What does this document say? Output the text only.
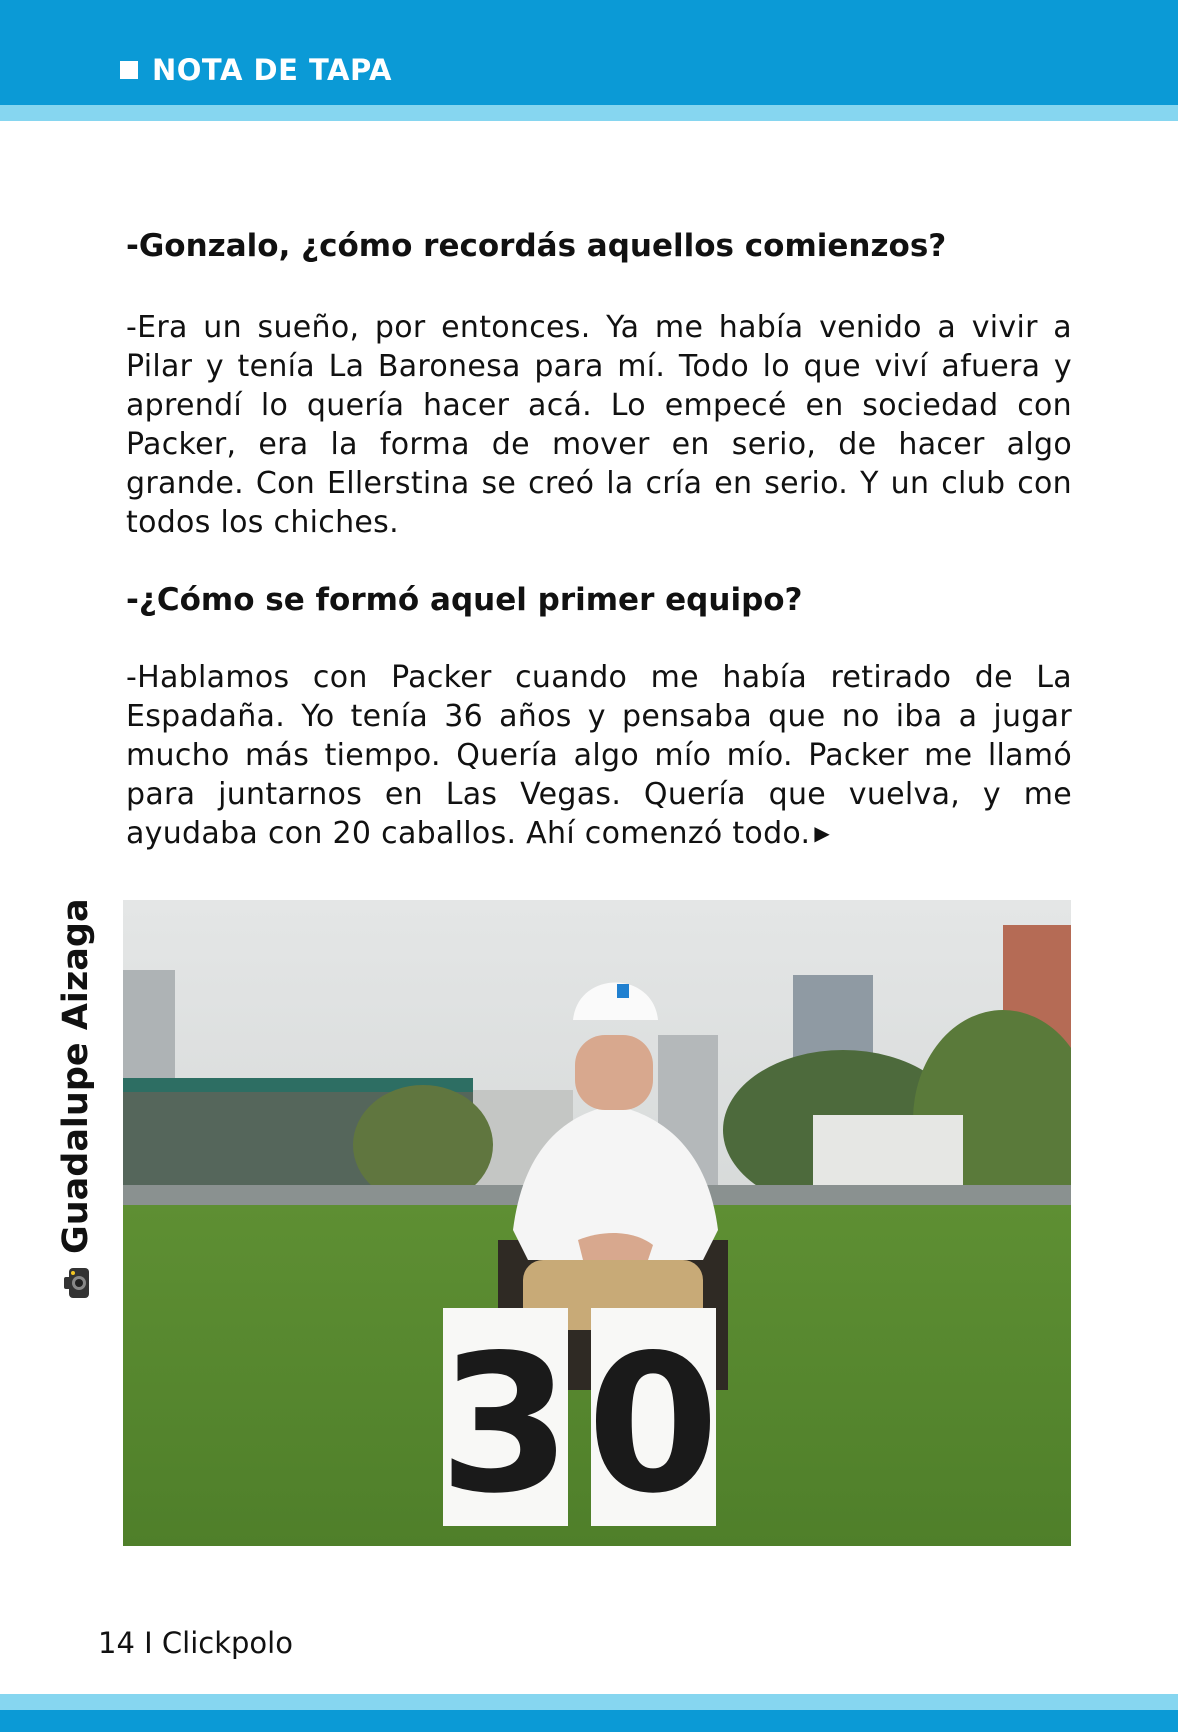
NOTA DE TAPA

-Gonzalo, ¿cómo recordás aquellos comienzos?

-Era un sueño, por entonces. Ya me había venido a vivir a Pilar y tenía La Baronesa para mí. Todo lo que viví afuera y aprendí lo quería hacer acá. Lo empecé en sociedad con Packer, era la forma de mover en serio, de hacer algo grande. Con Ellerstina se creó la cría en serio. Y un club con todos los chiches.

-¿Cómo se formó aquel primer equipo?

-Hablamos con Packer cuando me había retirado de La Espadaña. Yo tenía 36 años y pensaba que no iba a jugar mucho más tiempo. Quería algo mío mío. Packer me llamó para juntarnos en Las Vegas. Quería que vuelva, y me ayudaba con 20 caballos. Ahí comenzó todo. ▶

Guadalupe Aizaga
3 0
14 I Clickpolo
